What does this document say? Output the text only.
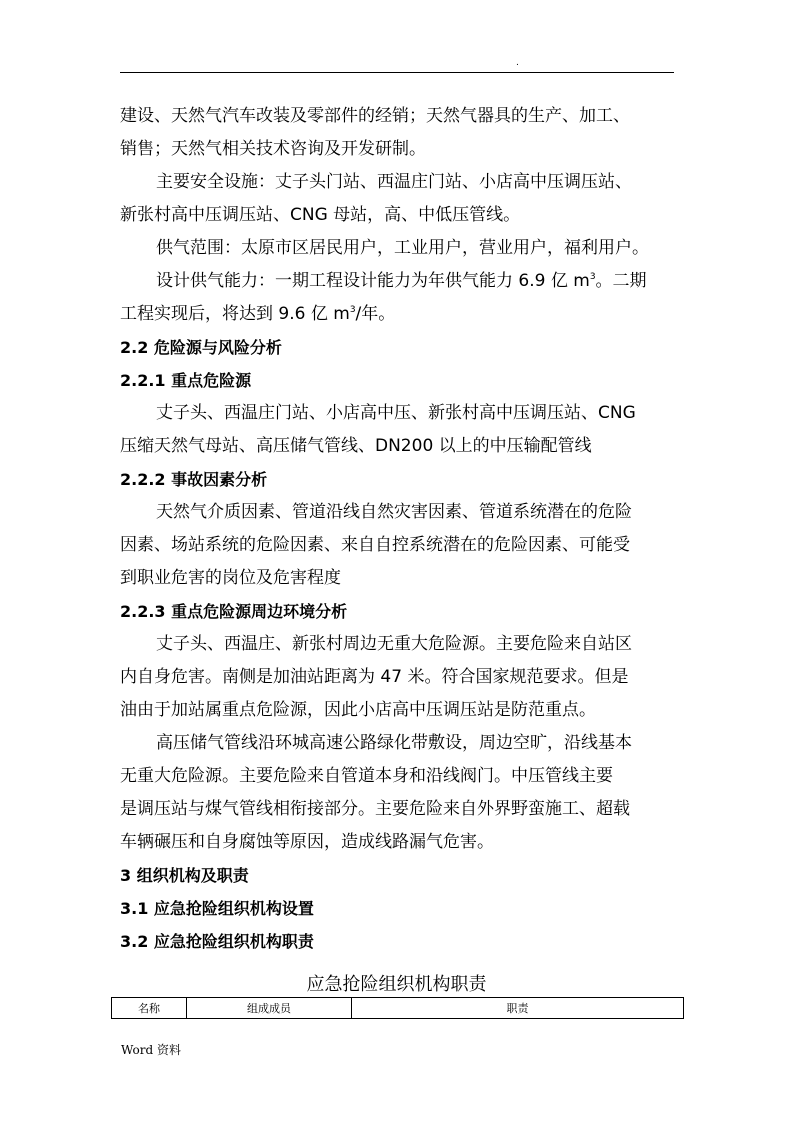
.

建设、天然气汽车改装及零部件的经销；天然气器具的生产、加工、

销售；天然气相关技术咨询及开发研制。

主要安全设施：丈子头门站、西温庄门站、小店高中压调压站、

新张村高中压调压站、CNG 母站，高、中低压管线。

供气范围：太原市区居民用户，工业用户，营业用户，福利用户。

设计供气能力：一期工程设计能力为年供气能力 6.9 亿 $m^3$。二期

工程实现后，将达到 9.6 亿 $m^3/$年。

2.2 危险源与风险分析

2.2.1 重点危险源

丈子头、西温庄门站、小店高中压、新张村高中压调压站、CNG

压缩天然气母站、高压储气管线、DN200 以上的中压输配管线

2.2.2 事故因素分析

天然气介质因素、管道沿线自然灾害因素、管道系统潜在的危险

因素、场站系统的危险因素、来自自控系统潜在的危险因素、可能受

到职业危害的岗位及危害程度

2.2.3 重点危险源周边环境分析

丈子头、西温庄、新张村周边无重大危险源。主要危险来自站区

内自身危害。南侧是加油站距离为 47 米。符合国家规范要求。但是

油由于加站属重点危险源，因此小店高中压调压站是防范重点。

高压储气管线沿环城高速公路绿化带敷设，周边空旷，沿线基本

无重大危险源。主要危险来自管道本身和沿线阀门。中压管线主要

是调压站与煤气管线相衔接部分。主要危险来自外界野蛮施工、超载

车辆碾压和自身腐蚀等原因，造成线路漏气危害。

3 组织机构及职责

3.1 应急抢险组织机构设置

3.2 应急抢险组织机构职责

应急抢险组织机构职责
名称	组成成员	职责
Word 资料
